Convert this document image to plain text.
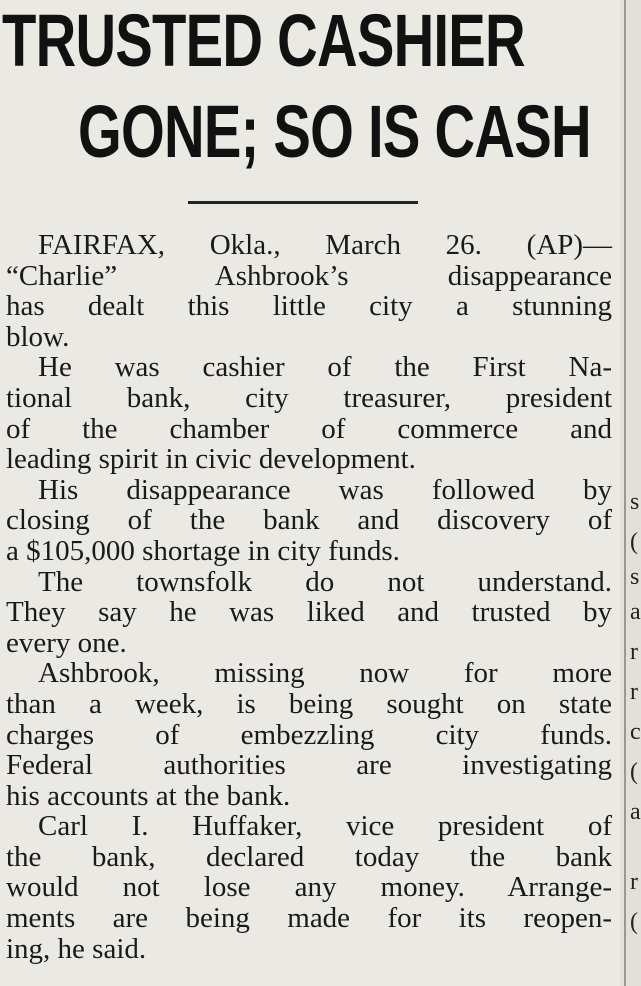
TRUSTED CASHIER
GONE; SO IS CASH
FAIRFAX, Okla., March 26. (AP)—
“Charlie” Ashbrook’s disappearance
has dealt this little city a stunning
blow.
He was cashier of the First Na-
tional bank, city treasurer, president
of the chamber of commerce and
leading spirit in civic development.
His disappearance was followed by
closing of the bank and discovery of
a $105,000 shortage in city funds.
The townsfolk do not understand.
They say he was liked and trusted by
every one.
Ashbrook, missing now for more
than a week, is being sought on state
charges of embezzling city funds.
Federal authorities are investigating
his accounts at the bank.
Carl I. Huffaker, vice president of
the bank, declared today the bank
would not lose any money. Arrange-
ments are being made for its reopen-
ing, he said.
s
(
s
a
r
r
c
(
a
r
(
